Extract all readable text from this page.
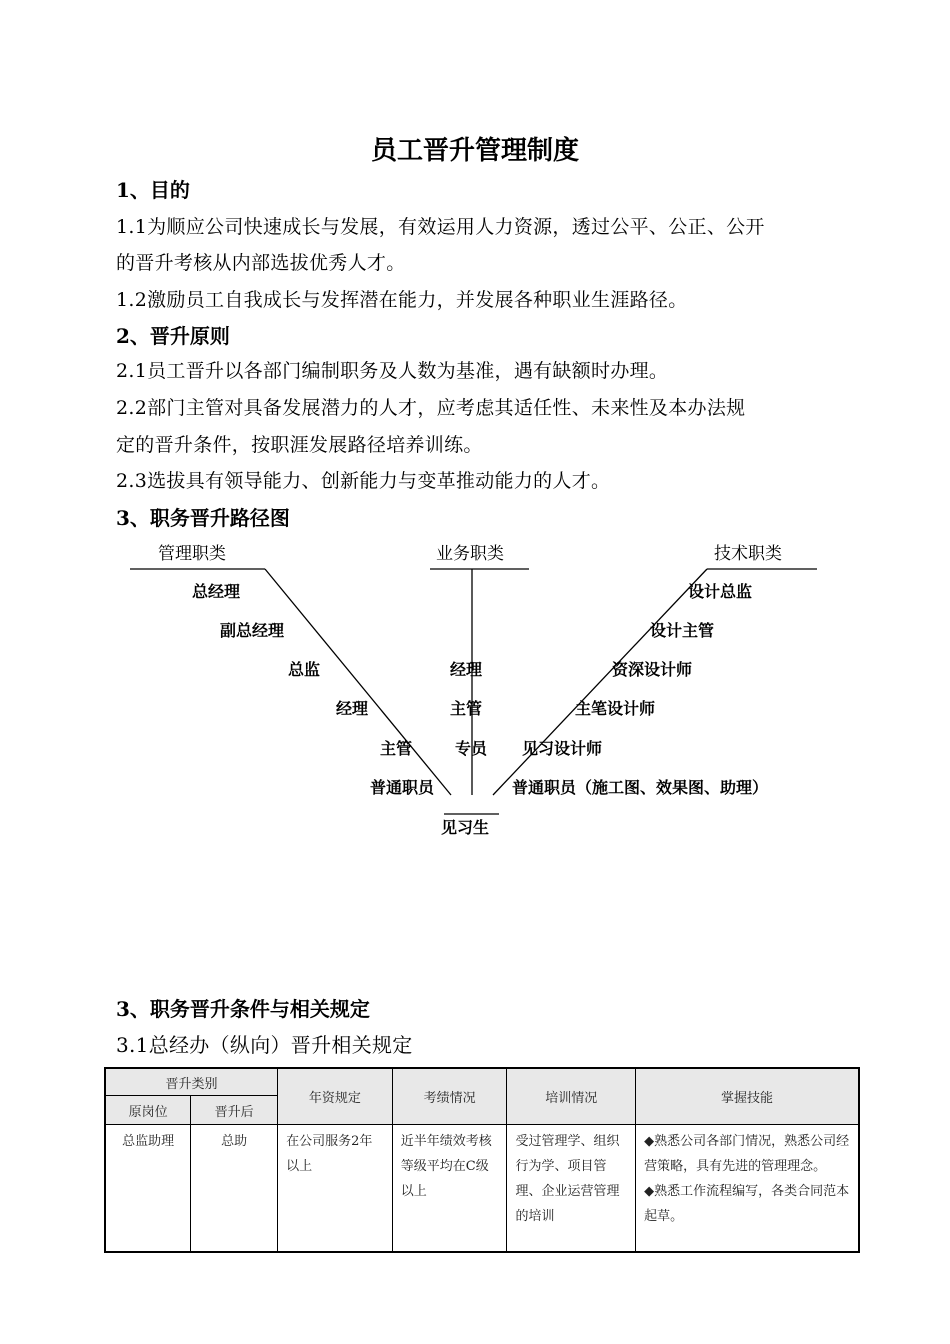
员工晋升管理制度
1、目的
1.1为顺应公司快速成长与发展，有效运用人力资源，透过公平、公正、公开
的晋升考核从内部选拔优秀人才。
1.2激励员工自我成长与发挥潜在能力，并发展各种职业生涯路径。
2、晋升原则
2.1员工晋升以各部门编制职务及人数为基准，遇有缺额时办理。
2.2部门主管对具备发展潜力的人才，应考虑其适任性、未来性及本办法规
定的晋升条件，按职涯发展路径培养训练。
2.3选拔具有领导能力、创新能力与变革推动能力的人才。
3、职务晋升路径图
管理职类	业务职类	技术职类
总经理
副总经理
总监
经理
主管
普通职员
经理
主管
专员
设计总监
设计主管
资深设计师
主笔设计师
见习设计师
普通职员（施工图、效果图、助理）
见习生
3、职务晋升条件与相关规定
3.1总经办（纵向）晋升相关规定
晋升类别		年资规定	考绩情况	培训情况	掌握技能
原岗位	晋升后				
总监助理	总助	在公司服务2年以上	近半年绩效考核等级平均在C级以上	受过管理学、组织行为学、项目管理、企业运营管理的培训	◆熟悉公司各部门情况，熟悉公司经营策略，具有先进的管理理念。
◆熟悉工作流程编写，各类合同范本起草。
